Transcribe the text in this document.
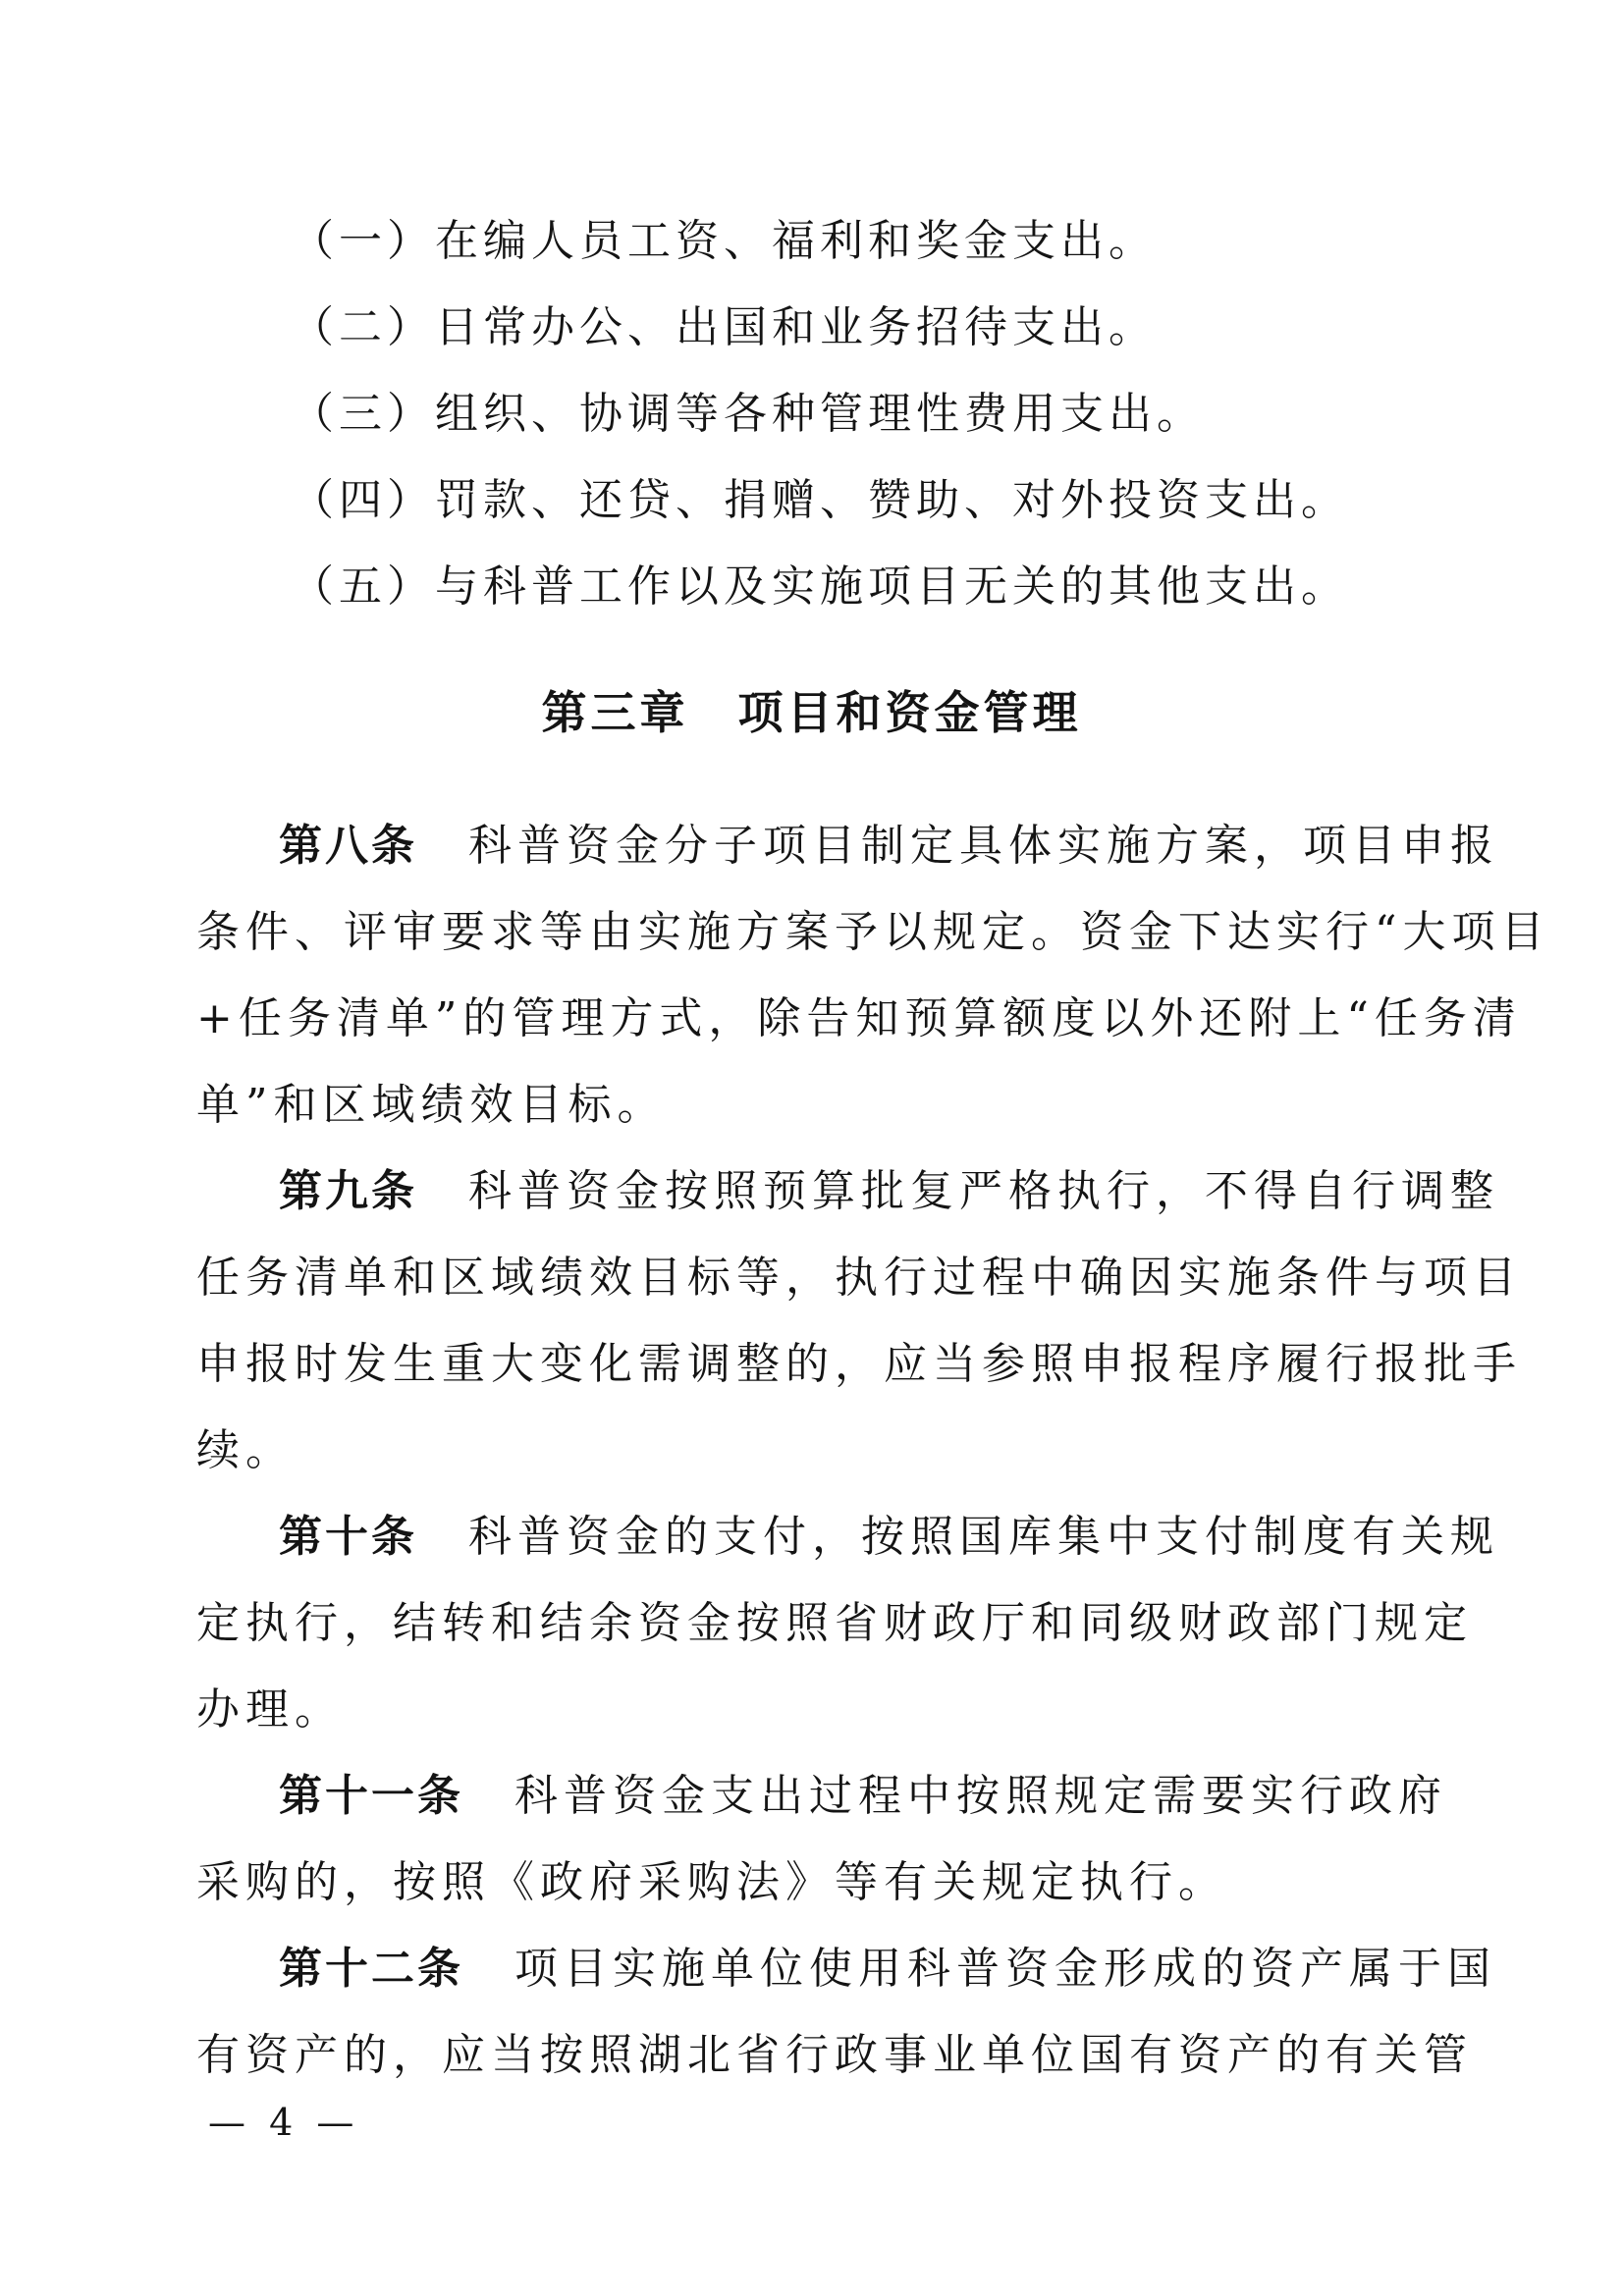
（一）在编人员工资、福利和奖金支出。
（二）日常办公、出国和业务招待支出。
（三）组织、协调等各种管理性费用支出。
（四）罚款、还贷、捐赠、赞助、对外投资支出。
（五）与科普工作以及实施项目无关的其他支出。
第三章　项目和资金管理
第八条 科普资金分子项目制定具体实施方案，项目申报
条件、评审要求等由实施方案予以规定。资金下达实行“大项目
+任务清单”的管理方式，除告知预算额度以外还附上“任务清
单”和区域绩效目标。
第九条 科普资金按照预算批复严格执行，不得自行调整
任务清单和区域绩效目标等，执行过程中确因实施条件与项目
申报时发生重大变化需调整的，应当参照申报程序履行报批手
续。
第十条 科普资金的支付，按照国库集中支付制度有关规
定执行，结转和结余资金按照省财政厅和同级财政部门规定
办理。
第十一条 科普资金支出过程中按照规定需要实行政府
采购的，按照《政府采购法》等有关规定执行。
第十二条 项目实施单位使用科普资金形成的资产属于国
有资产的，应当按照湖北省行政事业单位国有资产的有关管
— 4 —
